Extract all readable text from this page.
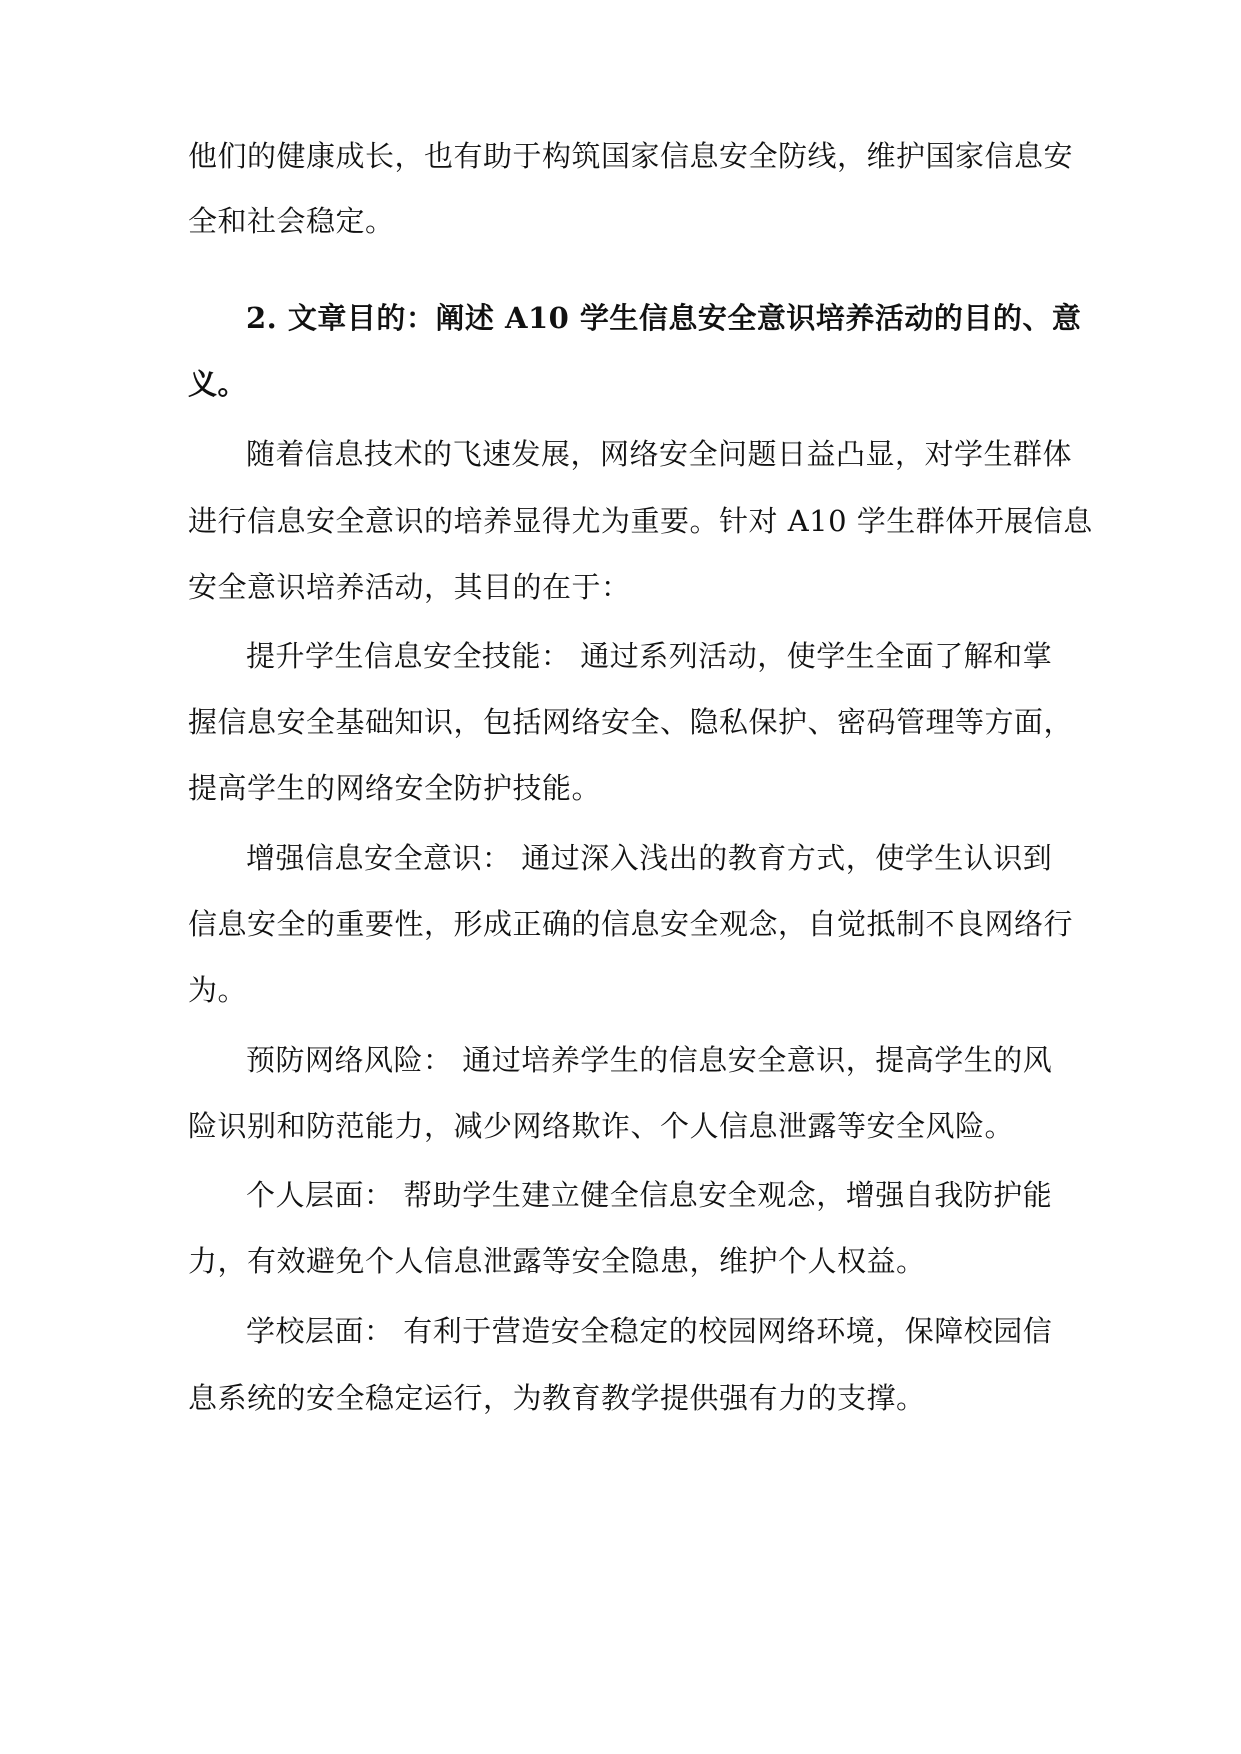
他们的健康成长，也有助于构筑国家信息安全防线，维护国家信息安
全和社会稳定。
2. 文章目的：阐述 A10 学生信息安全意识培养活动的目的、意
义。
随着信息技术的飞速发展，网络安全问题日益凸显，对学生群体
进行信息安全意识的培养显得尤为重要。针对 A10 学生群体开展信息
安全意识培养活动，其目的在于：
提升学生信息安全技能： 通过系列活动，使学生全面了解和掌
握信息安全基础知识，包括网络安全、隐私保护、密码管理等方面，
提高学生的网络安全防护技能。
增强信息安全意识： 通过深入浅出的教育方式，使学生认识到
信息安全的重要性，形成正确的信息安全观念，自觉抵制不良网络行
为。
预防网络风险： 通过培养学生的信息安全意识，提高学生的风
险识别和防范能力，减少网络欺诈、个人信息泄露等安全风险。
个人层面： 帮助学生建立健全信息安全观念，增强自我防护能
力，有效避免个人信息泄露等安全隐患，维护个人权益。
学校层面： 有利于营造安全稳定的校园网络环境，保障校园信
息系统的安全稳定运行，为教育教学提供强有力的支撑。
